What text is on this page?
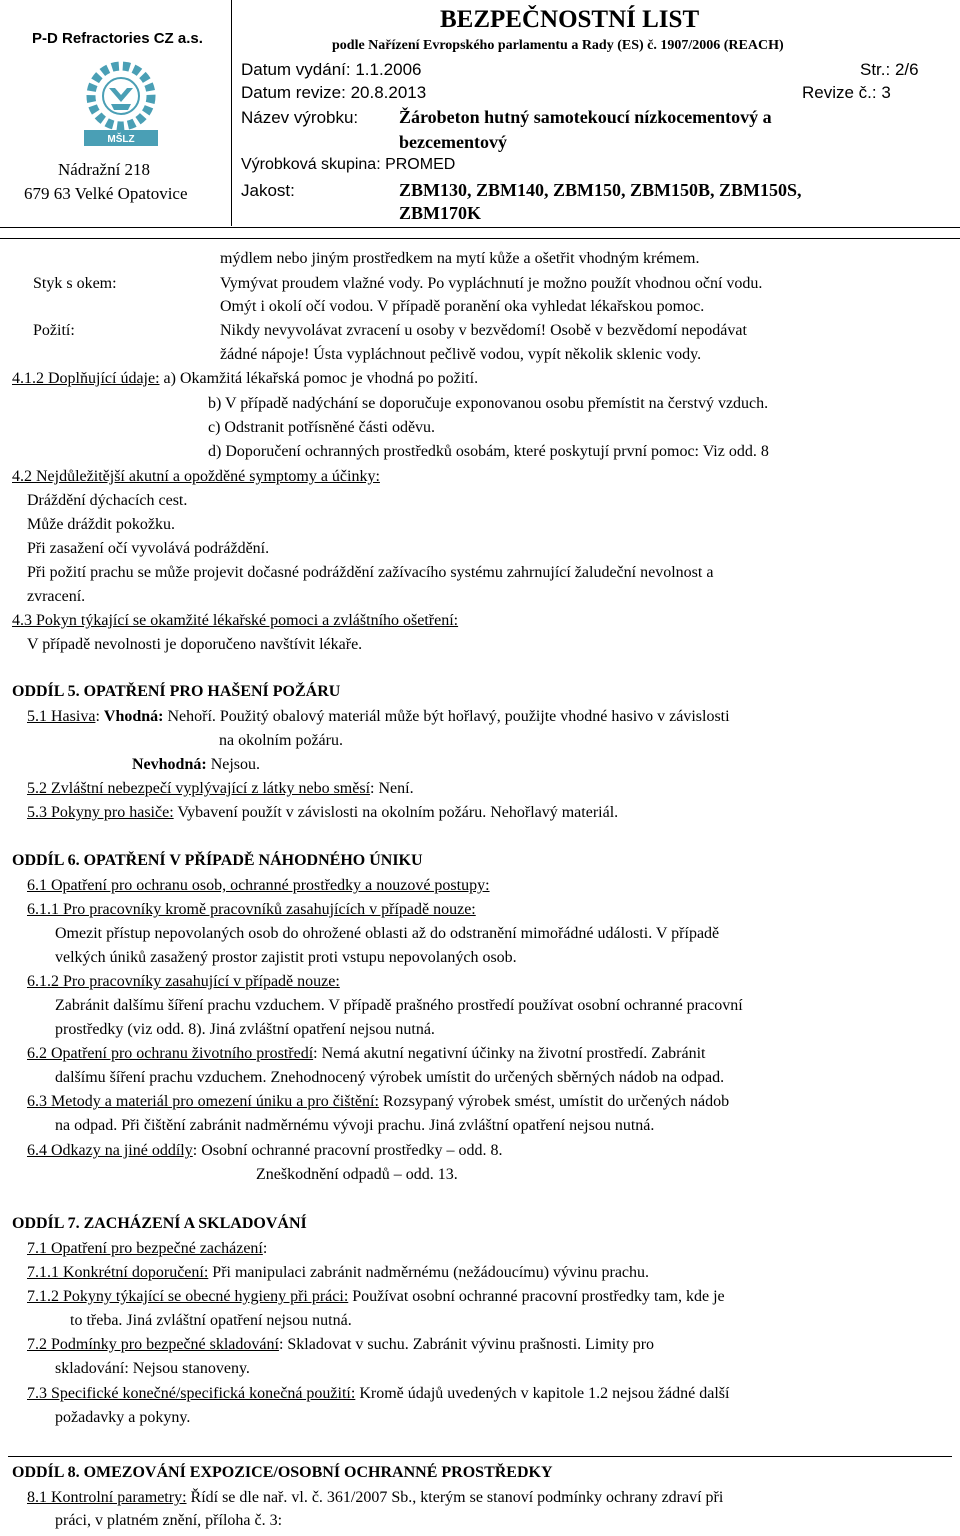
P-D Refractories CZ a.s.
MŠLZ
Nádražní 218
679 63 Velké Opatovice
BEZPEČNOSTNÍ LIST
podle Nařízení Evropského parlamentu a Rady (ES) č. 1907/2006 (REACH)
Datum vydání: 1.1.2006	Str.: 2/6
Datum revize: 20.8.2013	Revize č.: 3
Název výrobku: Žárobeton hutný samotekoucí nízkocementový a
bezcementový
Výrobková skupina: PROMED
Jakost:	ZBM130, ZBM140, ZBM150, ZBM150B, ZBM150S,
ZBM170K
mýdlem nebo jiným prostředkem na mytí kůže a ošetřit vhodným krémem.
Styk s okem:	Vymývat proudem vlažné vody. Po vypláchnutí je možno použít vhodnou oční vodu.
Omýt i okolí očí vodou. V případě poranění oka vyhledat lékařskou pomoc.
Požití:	Nikdy nevyvolávat zvracení u osoby v bezvědomí! Osobě v bezvědomí nepodávat
žádné nápoje! Ústa vypláchnout pečlivě vodou, vypít několik sklenic vody.
4.1.2 Doplňující údaje: a) Okamžitá lékařská pomoc je vhodná po požití.
b) V případě nadýchání se doporučuje exponovanou osobu přemístit na čerstvý vzduch.
c) Odstranit potřísněné části oděvu.
d) Doporučení ochranných prostředků osobám, které poskytují první pomoc: Viz odd. 8
4.2 Nejdůležitější akutní a opožděné symptomy a účinky:
Dráždění dýchacích cest.
Může dráždit pokožku.
Při zasažení očí vyvolává podráždění.
Při požití prachu se může projevit dočasné podráždění zažívacího systému zahrnující žaludeční nevolnost a
zvracení.
4.3 Pokyn týkající se okamžité lékařské pomoci a zvláštního ošetření:
V případě nevolnosti je doporučeno navštívit lékaře.
ODDÍL 5. OPATŘENÍ PRO HAŠENÍ POŽÁRU
5.1 Hasiva: Vhodná: Nehoří. Použitý obalový materiál může být hořlavý, použijte vhodné hasivo v závislosti
na okolním požáru.
Nevhodná: Nejsou.
5.2 Zvláštní nebezpečí vyplývající z látky nebo směsí: Není.
5.3 Pokyny pro hasiče: Vybavení použít v závislosti na okolním požáru. Nehořlavý materiál.
ODDÍL 6. OPATŘENÍ V PŘÍPADĚ NÁHODNÉHO ÚNIKU
6.1 Opatření pro ochranu osob, ochranné prostředky a nouzové postupy:
6.1.1 Pro pracovníky kromě pracovníků zasahujících v případě nouze:
Omezit přístup nepovolaných osob do ohrožené oblasti až do odstranění mimořádné události. V případě
velkých úniků zasažený prostor zajistit proti vstupu nepovolaných osob.
6.1.2 Pro pracovníky zasahující v případě nouze:
Zabránit dalšímu šíření prachu vzduchem. V případě prašného prostředí používat osobní ochranné pracovní
prostředky (viz odd. 8). Jiná zvláštní opatření nejsou nutná.
6.2 Opatření pro ochranu životního prostředí: Nemá akutní negativní účinky na životní prostředí. Zabránit
dalšímu šíření prachu vzduchem. Znehodnocený výrobek umístit do určených sběrných nádob na odpad.
6.3 Metody a materiál pro omezení úniku a pro čištění: Rozsypaný výrobek smést, umístit do určených nádob
na odpad. Při čištění zabránit nadměrnému vývoji prachu. Jiná zvláštní opatření nejsou nutná.
6.4 Odkazy na jiné oddíly: Osobní ochranné pracovní prostředky – odd. 8.
Zneškodnění odpadů – odd. 13.
ODDÍL 7. ZACHÁZENÍ A SKLADOVÁNÍ
7.1 Opatření pro bezpečné zacházení:
7.1.1 Konkrétní doporučení: Při manipulaci zabránit nadměrnému (nežádoucímu) vývinu prachu.
7.1.2 Pokyny týkající se obecné hygieny při práci: Používat osobní ochranné pracovní prostředky tam, kde je
to třeba. Jiná zvláštní opatření nejsou nutná.
7.2 Podmínky pro bezpečné skladování: Skladovat v suchu. Zabránit vývinu prašnosti. Limity pro
skladování: Nejsou stanoveny.
7.3 Specifické konečné/specifická konečná použití: Kromě údajů uvedených v kapitole 1.2 nejsou žádné další
požadavky a pokyny.
ODDÍL 8. OMEZOVÁNÍ EXPOZICE/OSOBNÍ OCHRANNÉ PROSTŘEDKY
8.1 Kontrolní parametry: Řídí se dle nař. vl. č. 361/2007 Sb., kterým se stanoví podmínky ochrany zdraví při
práci, v platném znění, příloha č. 3:
